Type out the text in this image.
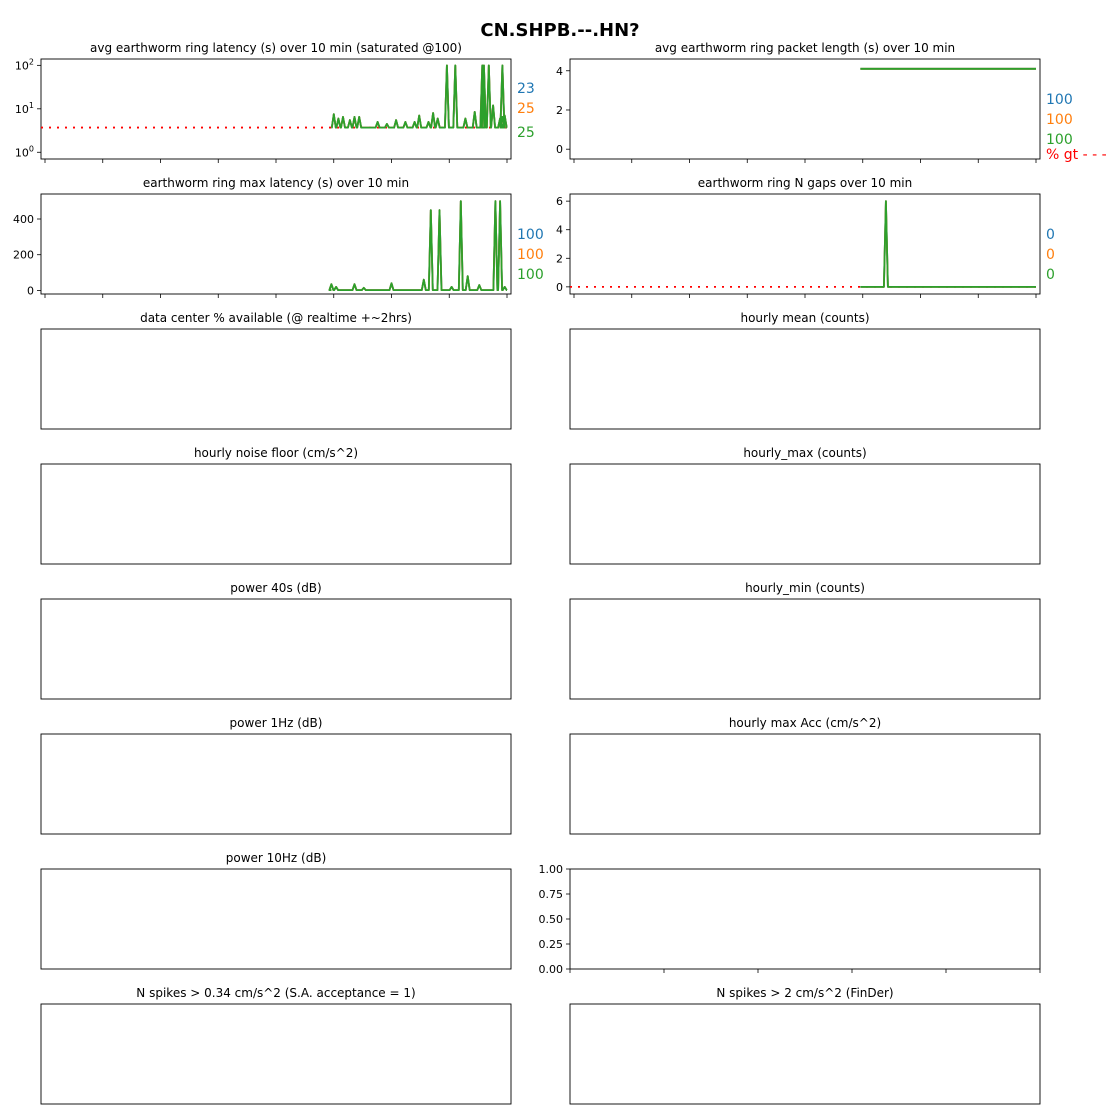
CN.SHPB.--.HN?
avg earthworm ring latency (s) over 10 min (saturated @100)
$10^0$
$10^1$
$10^2$
23
25
25
avg earthworm ring packet length (s) over 10 min
0
2
4
100
100
100
% gt - - -
earthworm ring max latency (s) over 10 min
0
200
400
100
100
100
earthworm ring N gaps over 10 min
0
2
4
6
0
0
0
data center % available (@ realtime +~2hrs)	hourly mean (counts)
hourly noise floor (cm/s^2)	hourly_max (counts)
power 40s (dB)	hourly_min (counts)
power 1Hz (dB)	hourly max Acc (cm/s^2)
power 10Hz (dB)
0.00
0.25
0.50
0.75
1.00
N spikes > 0.34 cm/s^2 (S.A. acceptance = 1)	N spikes > 2 cm/s^2 (FinDer)
